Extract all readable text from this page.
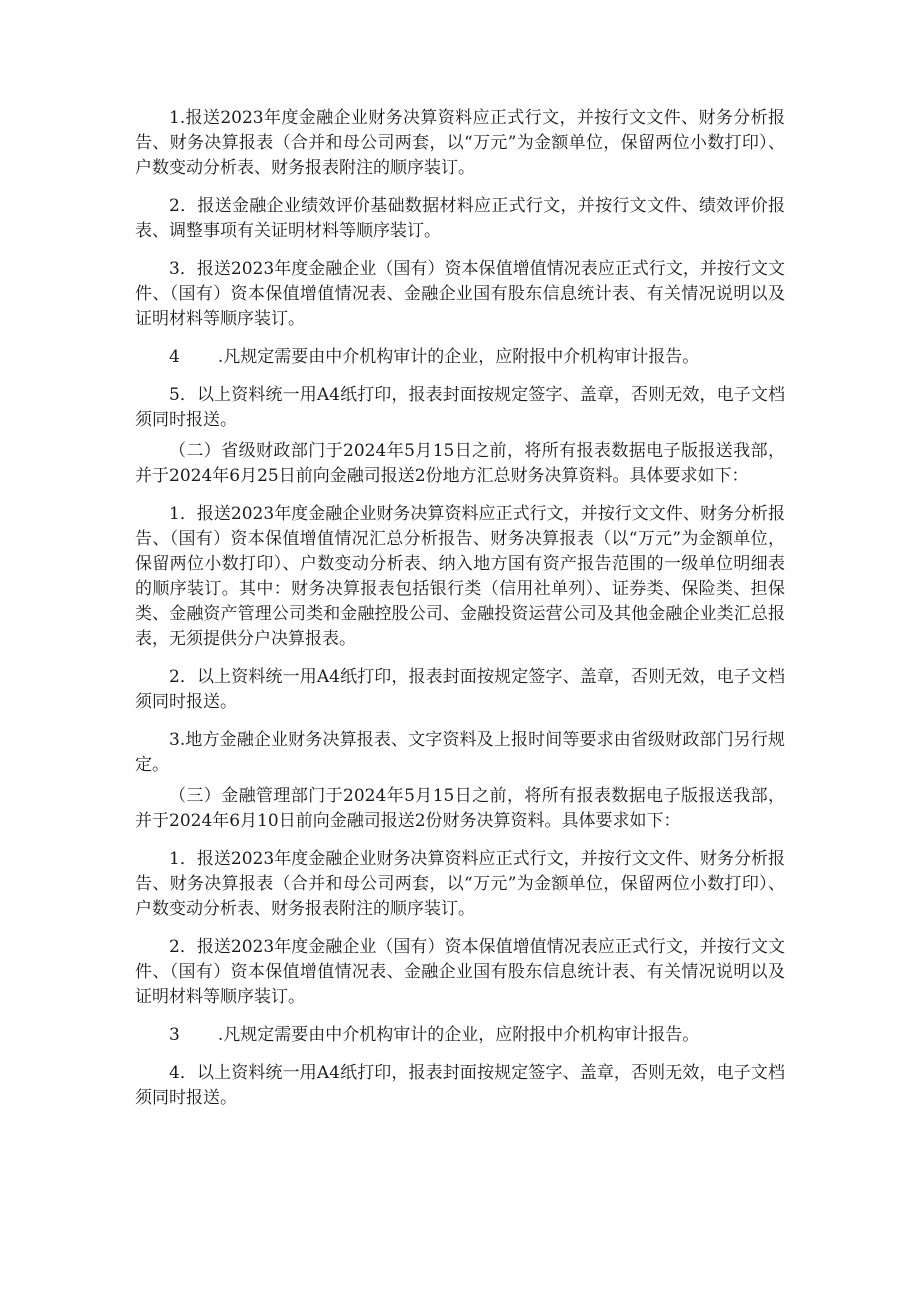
1.报送2023年度金融企业财务决算资料应正式行文，并按行文文件、财务分析报告、财务决算报表（合并和母公司两套，以“万元”为金额单位，保留两位小数打印）、户数变动分析表、财务报表附注的顺序装订。

2．报送金融企业绩效评价基础数据材料应正式行文，并按行文文件、绩效评价报表、调整事项有关证明材料等顺序装订。

3．报送2023年度金融企业（国有）资本保值增值情况表应正式行文，并按行文文件、（国有）资本保值增值情况表、金融企业国有股东信息统计表、有关情况说明以及证明材料等顺序装订。

4 .凡规定需要由中介机构审计的企业，应附报中介机构审计报告。

5．以上资料统一用A4纸打印，报表封面按规定签字、盖章，否则无效，电子文档须同时报送。

（二）省级财政部门于2024年5月15日之前，将所有报表数据电子版报送我部，并于2024年6月25日前向金融司报送2份地方汇总财务决算资料。具体要求如下：

1．报送2023年度金融企业财务决算资料应正式行文，并按行文文件、财务分析报告、（国有）资本保值增值情况汇总分析报告、财务决算报表（以“万元”为金额单位，保留两位小数打印）、户数变动分析表、纳入地方国有资产报告范围的一级单位明细表的顺序装订。其中：财务决算报表包括银行类（信用社单列）、证券类、保险类、担保类、金融资产管理公司类和金融控股公司、金融投资运营公司及其他金融企业类汇总报表，无须提供分户决算报表。

2．以上资料统一用A4纸打印，报表封面按规定签字、盖章，否则无效，电子文档须同时报送。

3.地方金融企业财务决算报表、文字资料及上报时间等要求由省级财政部门另行规定。

（三）金融管理部门于2024年5月15日之前，将所有报表数据电子版报送我部，并于2024年6月10日前向金融司报送2份财务决算资料。具体要求如下：

1．报送2023年度金融企业财务决算资料应正式行文，并按行文文件、财务分析报告、财务决算报表（合并和母公司两套，以“万元”为金额单位，保留两位小数打印）、户数变动分析表、财务报表附注的顺序装订。

2．报送2023年度金融企业（国有）资本保值增值情况表应正式行文，并按行文文件、（国有）资本保值增值情况表、金融企业国有股东信息统计表、有关情况说明以及证明材料等顺序装订。

3 .凡规定需要由中介机构审计的企业，应附报中介机构审计报告。

4．以上资料统一用A4纸打印，报表封面按规定签字、盖章，否则无效，电子文档须同时报送。
